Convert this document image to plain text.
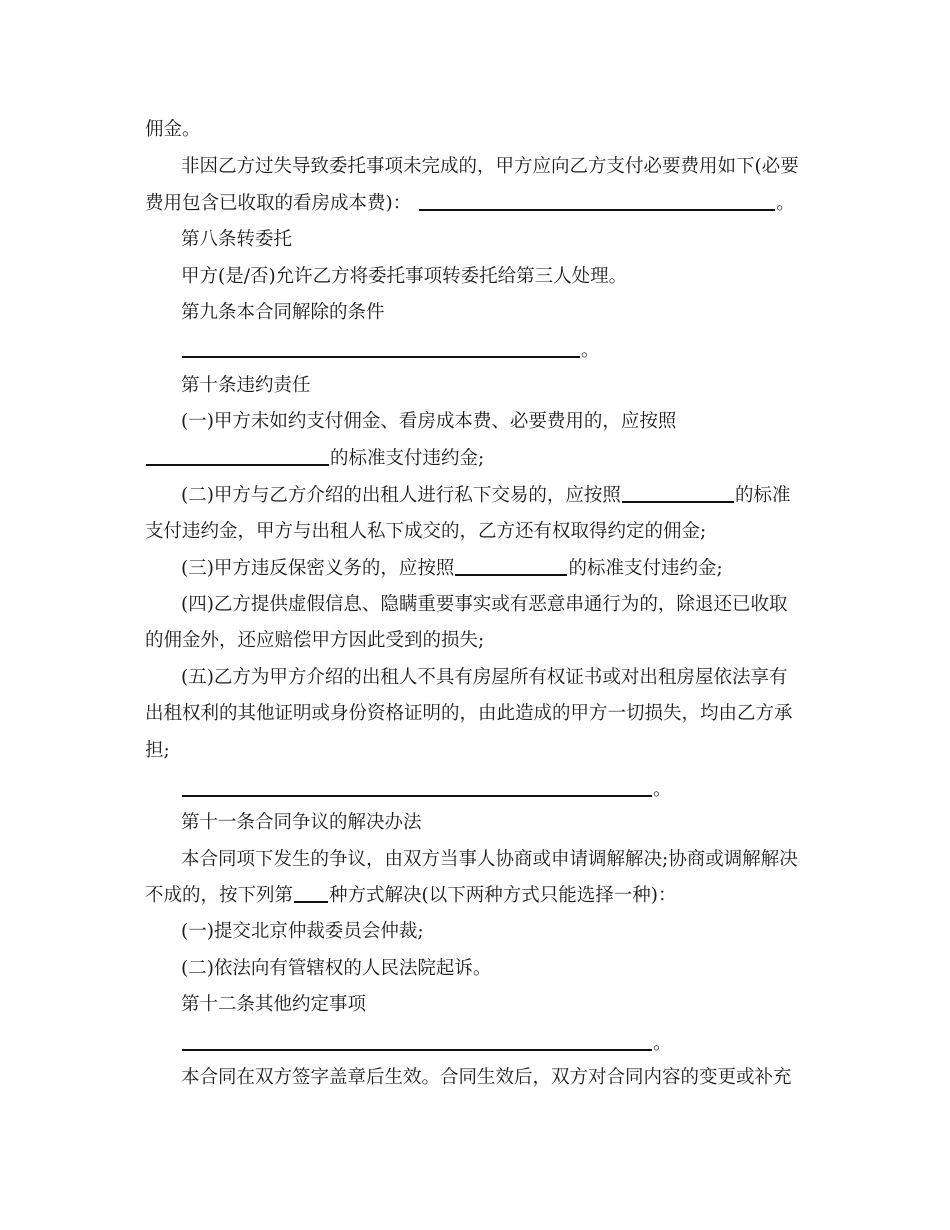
佣金。
非因乙方过失导致委托事项未完成的，甲方应向乙方支付必要费用如下(必要
费用包含已收取的看房成本费)：	。
第八条转委托
甲方(是/否)允许乙方将委托事项转委托给第三人处理。
第九条本合同解除的条件
。
第十条违约责任
(一)甲方未如约支付佣金、看房成本费、必要费用的，应按照
的标准支付违约金;
(二)甲方与乙方介绍的出租人进行私下交易的，应按照	的标准
支付违约金，甲方与出租人私下成交的，乙方还有权取得约定的佣金;
(三)甲方违反保密义务的，应按照	的标准支付违约金;
(四)乙方提供虚假信息、隐瞒重要事实或有恶意串通行为的，除退还已收取
的佣金外，还应赔偿甲方因此受到的损失;
(五)乙方为甲方介绍的出租人不具有房屋所有权证书或对出租房屋依法享有
出租权利的其他证明或身份资格证明的，由此造成的甲方一切损失，均由乙方承
担;
。
第十一条合同争议的解决办法
本合同项下发生的争议，由双方当事人协商或申请调解解决;协商或调解解决
不成的，按下列第 种方式解决(以下两种方式只能选择一种)：
(一)提交北京仲裁委员会仲裁;
(二)依法向有管辖权的人民法院起诉。
第十二条其他约定事项
。
本合同在双方签字盖章后生效。合同生效后，双方对合同内容的变更或补充
